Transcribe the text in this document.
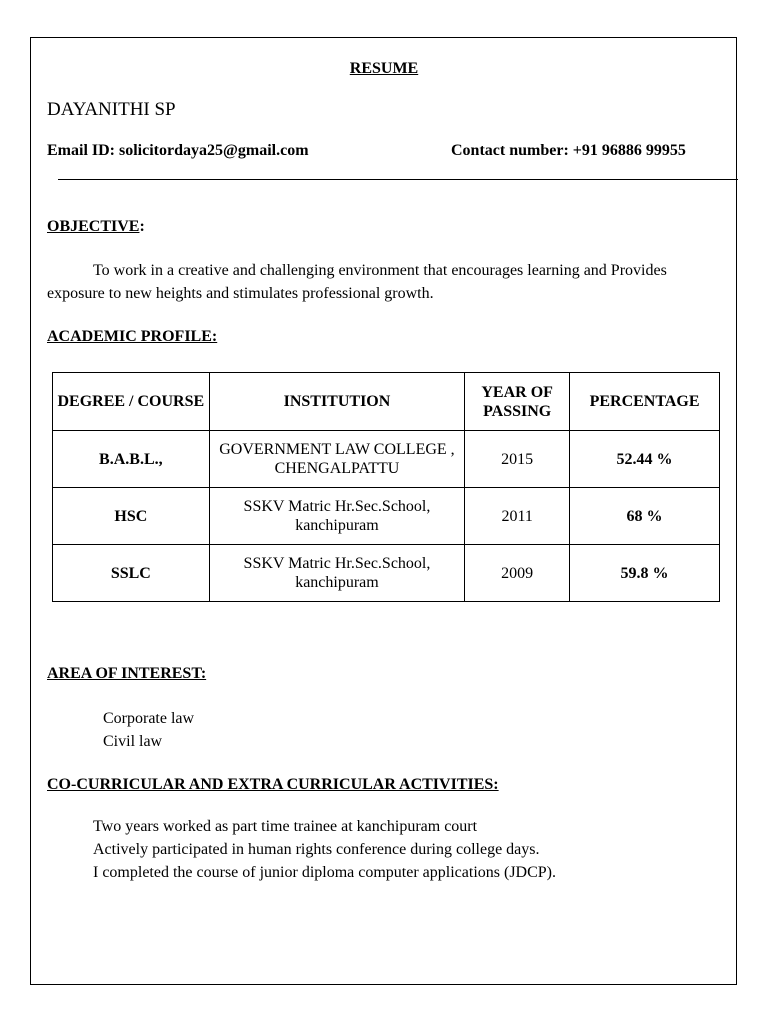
RESUME
DAYANITHI SP
Email ID: solicitordaya25@gmail.com	Contact number: +91 96886 99955
OBJECTIVE:
To work in a creative and challenging environment that encourages learning and Provides exposure to new heights and stimulates professional growth.
ACADEMIC PROFILE:
DEGREE / COURSE	INSTITUTION	YEAR OF PASSING	PERCENTAGE
B.A.B.L.,	GOVERNMENT LAW COLLEGE , CHENGALPATTU	2015	52.44 %
HSC	SSKV Matric Hr.Sec.School, kanchipuram	2011	68 %
SSLC	SSKV Matric Hr.Sec.School, kanchipuram	2009	59.8 %
AREA OF INTEREST:
Corporate law
Civil law
CO-CURRICULAR AND EXTRA CURRICULAR ACTIVITIES:
Two years worked as part time trainee at kanchipuram court
Actively participated in human rights conference during college days.
I completed the course of junior diploma computer applications (JDCP).
